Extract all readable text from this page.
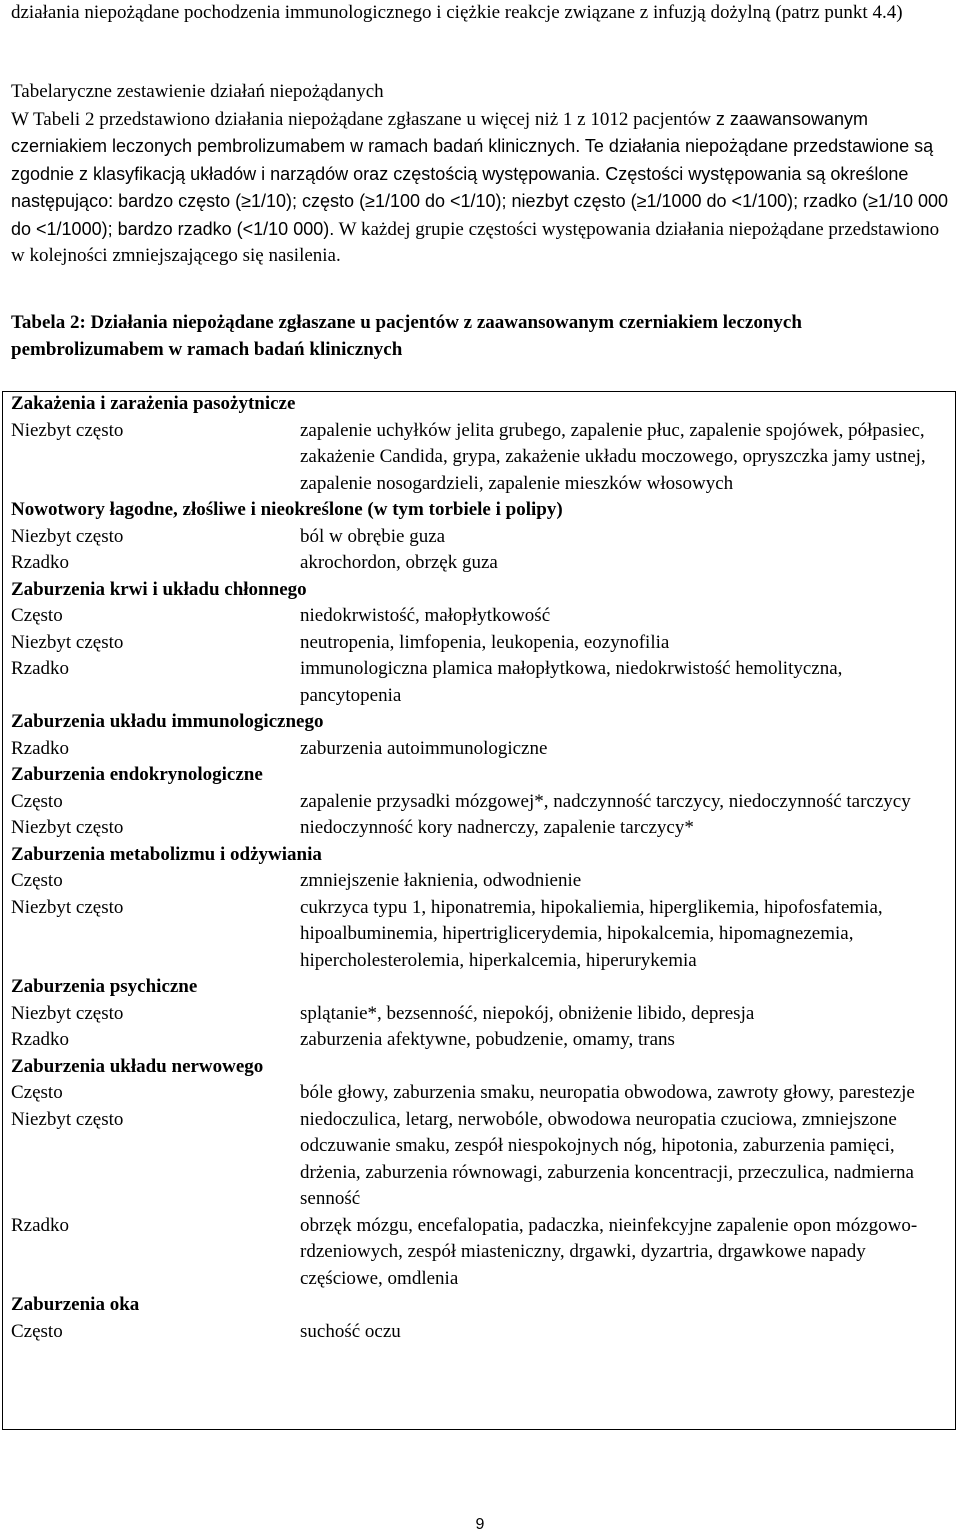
działania niepożądane pochodzenia immunologicznego i ciężkie reakcje związane z infuzją dożylną (patrz punkt 4.4)

Tabelaryczne zestawienie działań niepożądanych
W Tabeli 2 przedstawiono działania niepożądane zgłaszane u więcej niż 1 z 1012 pacjentów z zaawansowanym czerniakiem leczonych pembrolizumabem w ramach badań klinicznych. Te działania niepożądane przedstawione są zgodnie z klasyfikacją układów i narządów oraz częstością występowania. Częstości występowania są określone następująco: bardzo często (≥1/10); często (≥1/100 do <1/10); niezbyt często (≥1/1000 do <1/100); rzadko (≥1/10 000 do <1/1000); bardzo rzadko (<1/10 000). W każdej grupie częstości występowania działania niepożądane przedstawiono w kolejności zmniejszającego się nasilenia.

Tabela 2: Działania niepożądane zgłaszane u pacjentów z zaawansowanym czerniakiem leczonych pembrolizumabem w ramach badań klinicznych

Zakażenia i zarażenia pasożytnicze
Niezbyt często	zapalenie uchyłków jelita grubego, zapalenie płuc, zapalenie spojówek, półpasiec, zakażenie Candida, grypa, zakażenie układu moczowego, opryszczka jamy ustnej, zapalenie nosogardzieli, zapalenie mieszków włosowych
Nowotwory łagodne, złośliwe i nieokreślone (w tym torbiele i polipy)
Niezbyt często	ból w obrębie guza
Rzadko	akrochordon, obrzęk guza
Zaburzenia krwi i układu chłonnego
Często	niedokrwistość, małopłytkowość
Niezbyt często	neutropenia, limfopenia, leukopenia, eozynofilia
Rzadko	immunologiczna plamica małopłytkowa, niedokrwistość hemolityczna, pancytopenia
Zaburzenia układu immunologicznego
Rzadko	zaburzenia autoimmunologiczne
Zaburzenia endokrynologiczne
Często	zapalenie przysadki mózgowej*, nadczynność tarczycy, niedoczynność tarczycy
Niezbyt często	niedoczynność kory nadnerczy, zapalenie tarczycy*
Zaburzenia metabolizmu i odżywiania
Często	zmniejszenie łaknienia, odwodnienie
Niezbyt często	cukrzyca typu 1, hiponatremia, hipokaliemia, hiperglikemia, hipofosfatemia, hipoalbuminemia, hipertriglicerydemia, hipokalcemia, hipomagnezemia, hipercholesterolemia, hiperkalcemia, hiperurykemia
Zaburzenia psychiczne
Niezbyt często	splątanie*, bezsenność, niepokój, obniżenie libido, depresja
Rzadko	zaburzenia afektywne, pobudzenie, omamy, trans
Zaburzenia układu nerwowego
Często	bóle głowy, zaburzenia smaku, neuropatia obwodowa, zawroty głowy, parestezje
Niezbyt często	niedoczulica, letarg, nerwobóle, obwodowa neuropatia czuciowa, zmniejszone odczuwanie smaku, zespół niespokojnych nóg, hipotonia, zaburzenia pamięci, drżenia, zaburzenia równowagi, zaburzenia koncentracji, przeczulica, nadmierna senność
Rzadko	obrzęk mózgu, encefalopatia, padaczka, nieinfekcyjne zapalenie opon mózgowo-rdzeniowych, zespół miasteniczny, drgawki, dyzartria, drgawkowe napady częściowe, omdlenia
Zaburzenia oka
Często	suchość oczu
9
